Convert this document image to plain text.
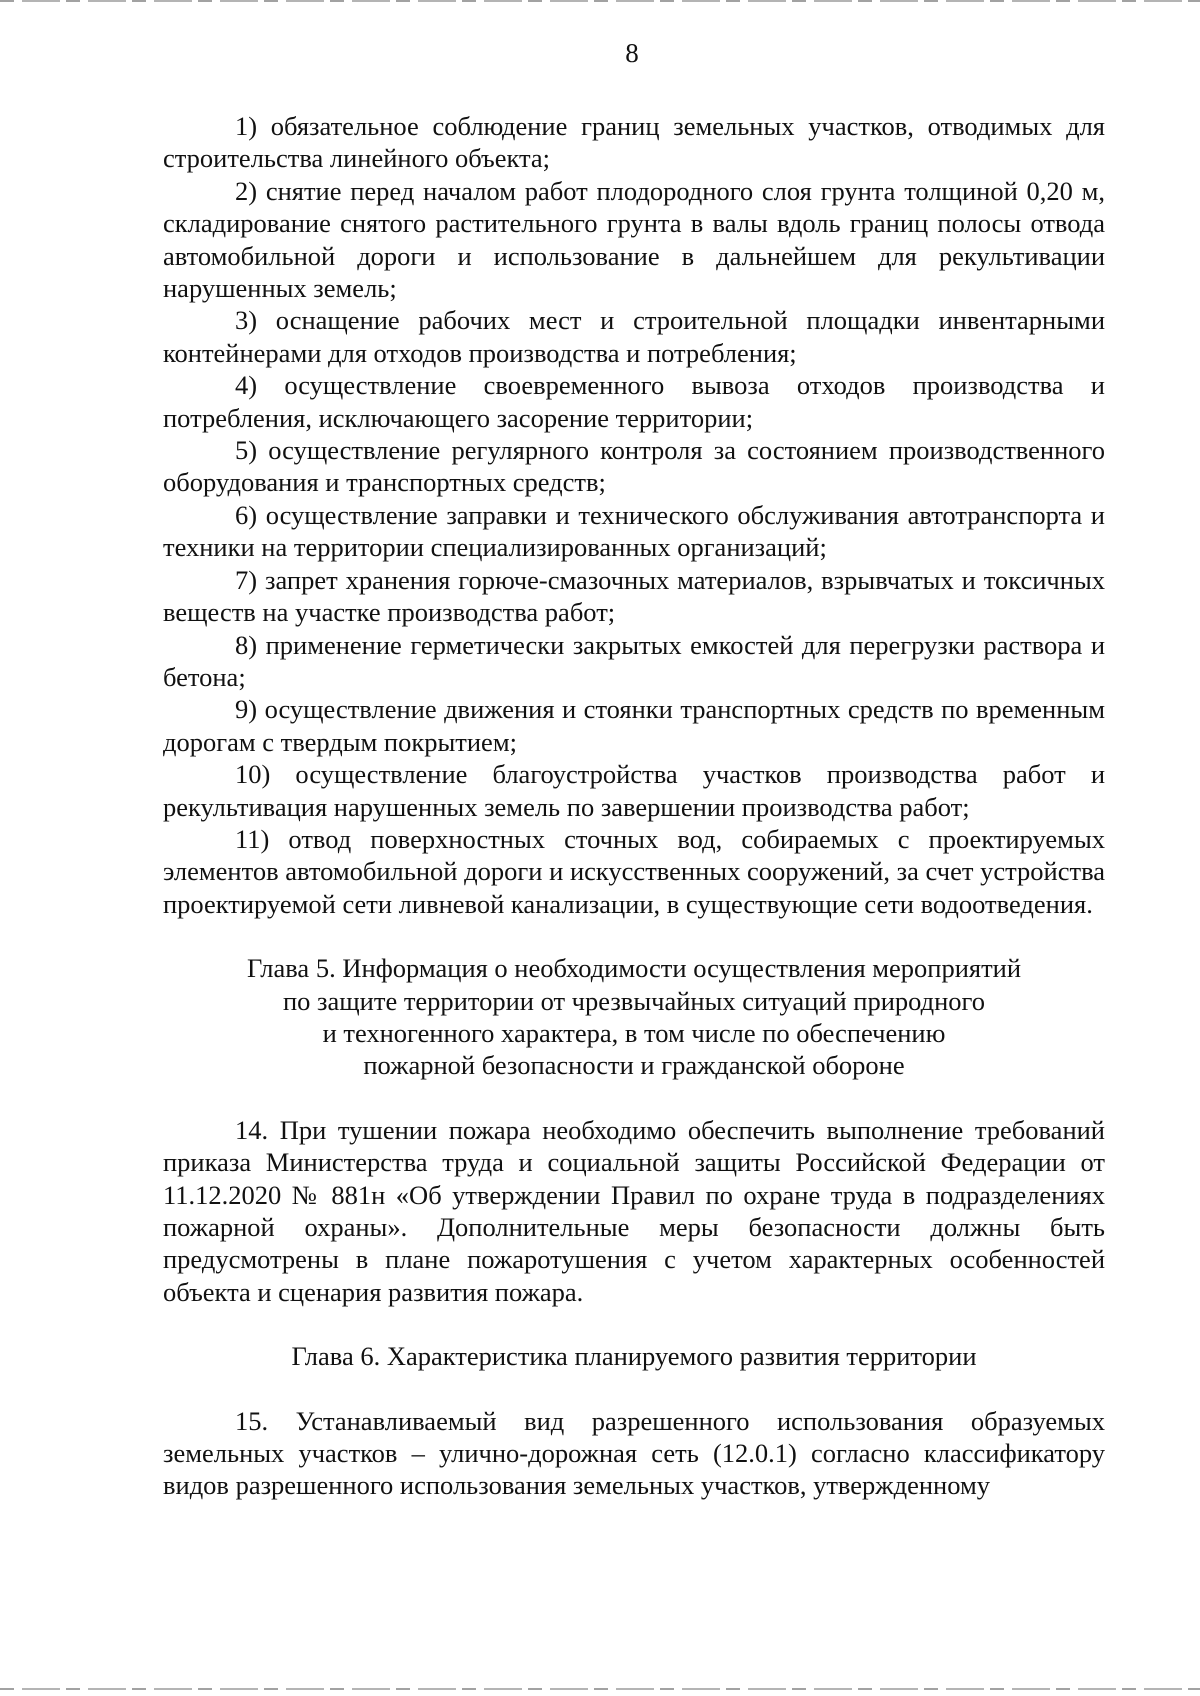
8

1) обязательное соблюдение границ земельных участков, отводимых для строительства линейного объекта;

2) снятие перед началом работ плодородного слоя грунта толщиной 0,20 м, складирование снятого растительного грунта в валы вдоль границ полосы отвода автомобильной дороги и использование в дальнейшем для рекультивации нарушенных земель;

3) оснащение рабочих мест и строительной площадки инвентарными контейнерами для отходов производства и потребления;

4) осуществление своевременного вывоза отходов производства и потребления, исключающего засорение территории;

5) осуществление регулярного контроля за состоянием производственного оборудования и транспортных средств;

6) осуществление заправки и технического обслуживания автотранспорта и техники на территории специализированных организаций;

7) запрет хранения горюче-смазочных материалов, взрывчатых и токсичных веществ на участке производства работ;

8) применение герметически закрытых емкостей для перегрузки раствора и бетона;

9) осуществление движения и стоянки транспортных средств по временным дорогам с твердым покрытием;

10) осуществление благоустройства участков производства работ и рекультивация нарушенных земель по завершении производства работ;

11) отвод поверхностных сточных вод, собираемых с проектируемых элементов автомобильной дороги и искусственных сооружений, за счет устройства проектируемой сети ливневой канализации, в существующие сети водоотведения.

Глава 5. Информация о необходимости осуществления мероприятий
по защите территории от чрезвычайных ситуаций природного
и техногенного характера, в том числе по обеспечению
пожарной безопасности и гражданской обороне

14. При тушении пожара необходимо обеспечить выполнение требований приказа Министерства труда и социальной защиты Российской Федерации от 11.12.2020 № 881н «Об утверждении Правил по охране труда в подразделениях пожарной охраны». Дополнительные меры безопасности должны быть предусмотрены в плане пожаротушения с учетом характерных особенностей объекта и сценария развития пожара.

Глава 6. Характеристика планируемого развития территории

15. Устанавливаемый вид разрешенного использования образуемых земельных участков – улично-дорожная сеть (12.0.1) согласно классификатору видов разрешенного использования земельных участков, утвержденному
